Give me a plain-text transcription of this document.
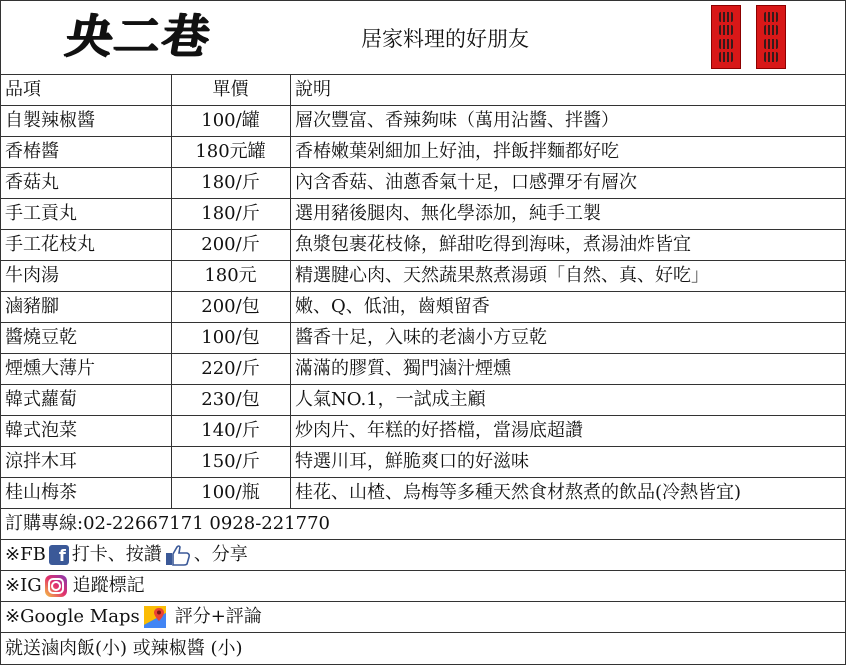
央二巷	居家料理的好朋友
品項	單價	說明
自製辣椒醬	100/罐	層次豐富、香辣夠味（萬用沾醬、拌醬）
香椿醬	180元罐	香椿嫩葉剁細加上好油，拌飯拌麵都好吃
香菇丸	180/斤	內含香菇、油蔥香氣十足，口感彈牙有層次
手工貢丸	180/斤	選用豬後腿肉、無化學添加，純手工製
手工花枝丸	200/斤	魚漿包裹花枝條，鮮甜吃得到海味，煮湯油炸皆宜
牛肉湯	180元	精選腱心肉、天然蔬果熬煮湯頭「自然、真、好吃」
滷豬腳	200/包	嫩、Q、低油，齒頰留香
醬燒豆乾	100/包	醬香十足，入味的老滷小方豆乾
煙燻大薄片	220/斤	滿滿的膠質、獨門滷汁煙燻
韓式蘿蔔	230/包	人氣NO.1，一試成主顧
韓式泡菜	140/斤	炒肉片、年糕的好搭檔，當湯底超讚
涼拌木耳	150/斤	特選川耳，鮮脆爽口的好滋味
桂山梅茶	100/瓶	桂花、山楂、烏梅等多種天然食材熬煮的飲品(冷熱皆宜)
訂購專線:02-22667171 0928-221770
※FB f 打卡、按讚 、分享
※IG 追蹤標記
※Google Maps 評分+評論
就送滷肉飯(小) 或辣椒醬 (小)
